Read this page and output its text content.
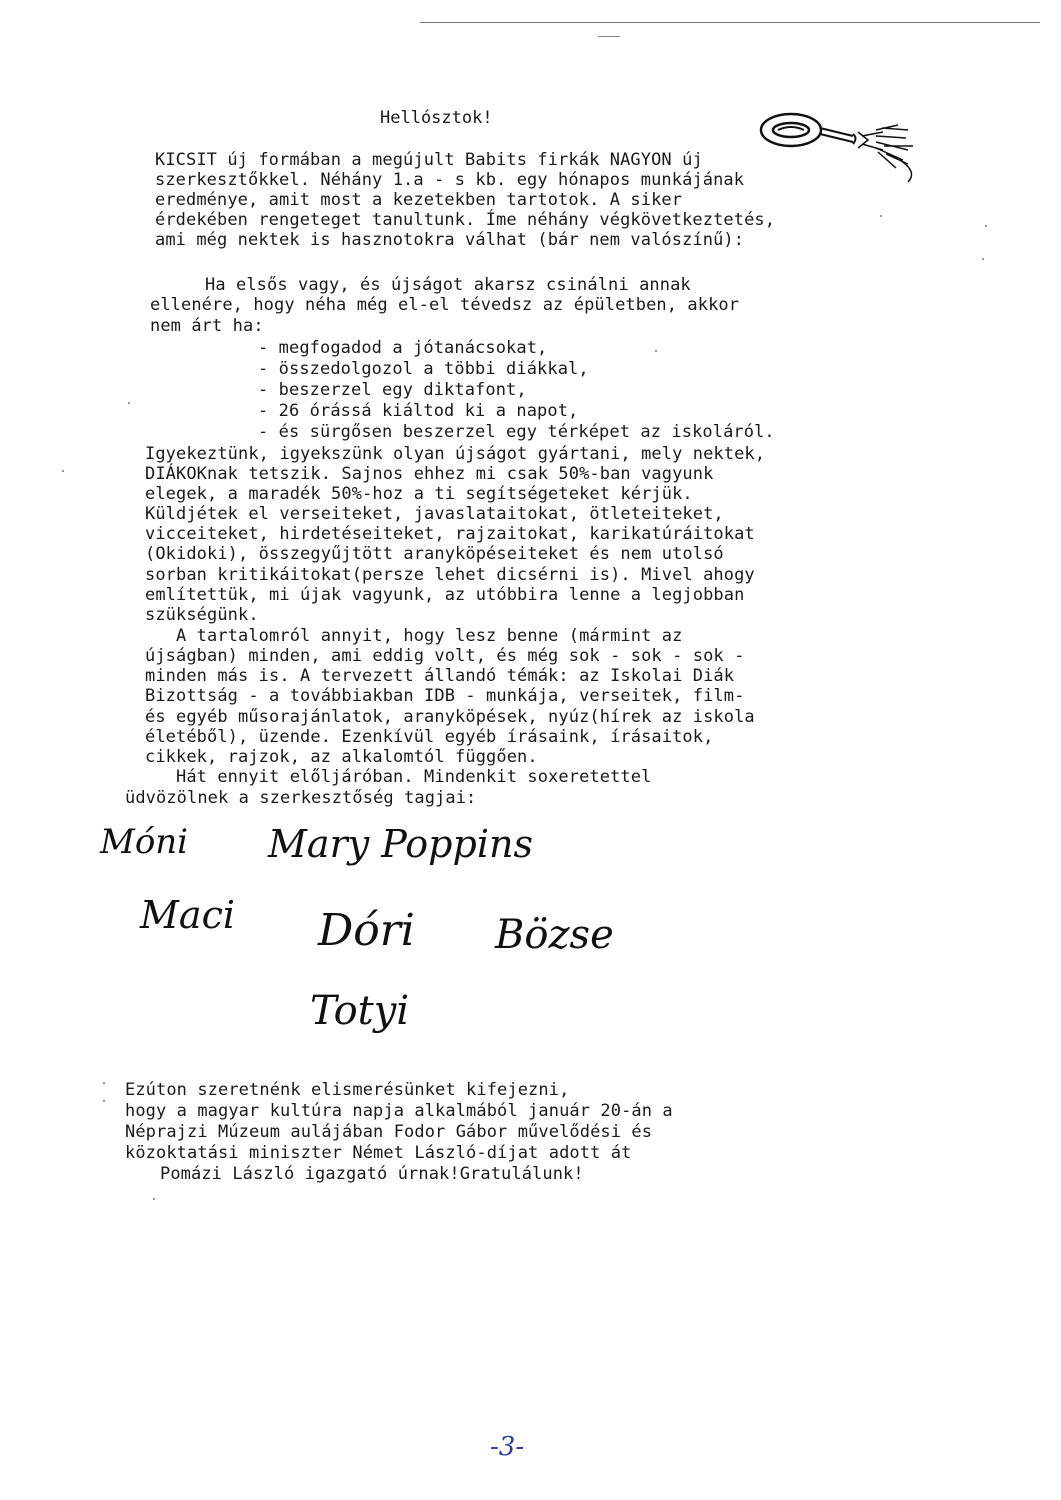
Hellósztok!
KICSIT új formában a megújult Babits firkák NAGYON új
szerkesztőkkel. Néhány 1.a - s kb. egy hónapos munkájának
eredménye, amit most a kezetekben tartotok. A siker
érdekében rengeteget tanultunk. Íme néhány végkövetkeztetés,
ami még nektek is hasznotokra válhat (bár nem valószínű):
Ha elsős vagy, és újságot akarsz csinálni annak
ellenére, hogy néha még el-el tévedsz az épületben, akkor
nem árt ha:
- megfogadod a jótanácsokat,
- összedolgozol a többi diákkal,
- beszerzel egy diktafont,
- 26 órássá kiáltod ki a napot,
- és sürgősen beszerzel egy térképet az iskoláról.
Igyekeztünk, igyekszünk olyan újságot gyártani, mely nektek,
DIÁKOKnak tetszik. Sajnos ehhez mi csak 50%-ban vagyunk
elegek, a maradék 50%-hoz a ti segítségeteket kérjük.
Küldjétek el verseiteket, javaslataitokat, ötleteiteket,
vicceiteket, hirdetéseiteket, rajzaitokat, karikatúráitokat
(Okidoki), összegyűjtött aranyköpéseiteket és nem utolsó
sorban kritikáitokat(persze lehet dicsérni is). Mivel ahogy
említettük, mi újak vagyunk, az utóbbira lenne a legjobban
szükségünk.
A tartalomról annyit, hogy lesz benne (mármint az
újságban) minden, ami eddig volt, és még sok - sok - sok -
minden más is. A tervezett állandó témák: az Iskolai Diák
Bizottság - a továbbiakban IDB - munkája, verseitek, film-
és egyéb műsorajánlatok, aranyköpések, nyúz(hírek az iskola
életéből), üzende. Ezenkívül egyéb írásaink, írásaitok,
cikkek, rajzok, az alkalomtól függően.
Hát ennyit előljáróban. Mindenkit soxeretettel
üdvözölnek a szerkesztőség tagjai:
Móni Mary Poppins
Maci Dóri Bözse
Totyi
Ezúton szeretnénk elismerésünket kifejezni,
hogy a magyar kultúra napja alkalmából január 20-án a
Néprajzi Múzeum aulájában Fodor Gábor művelődési és
közoktatási miniszter Német László-díjat adott át
Pomázi László igazgató úrnak!Gratulálunk!
-3-
